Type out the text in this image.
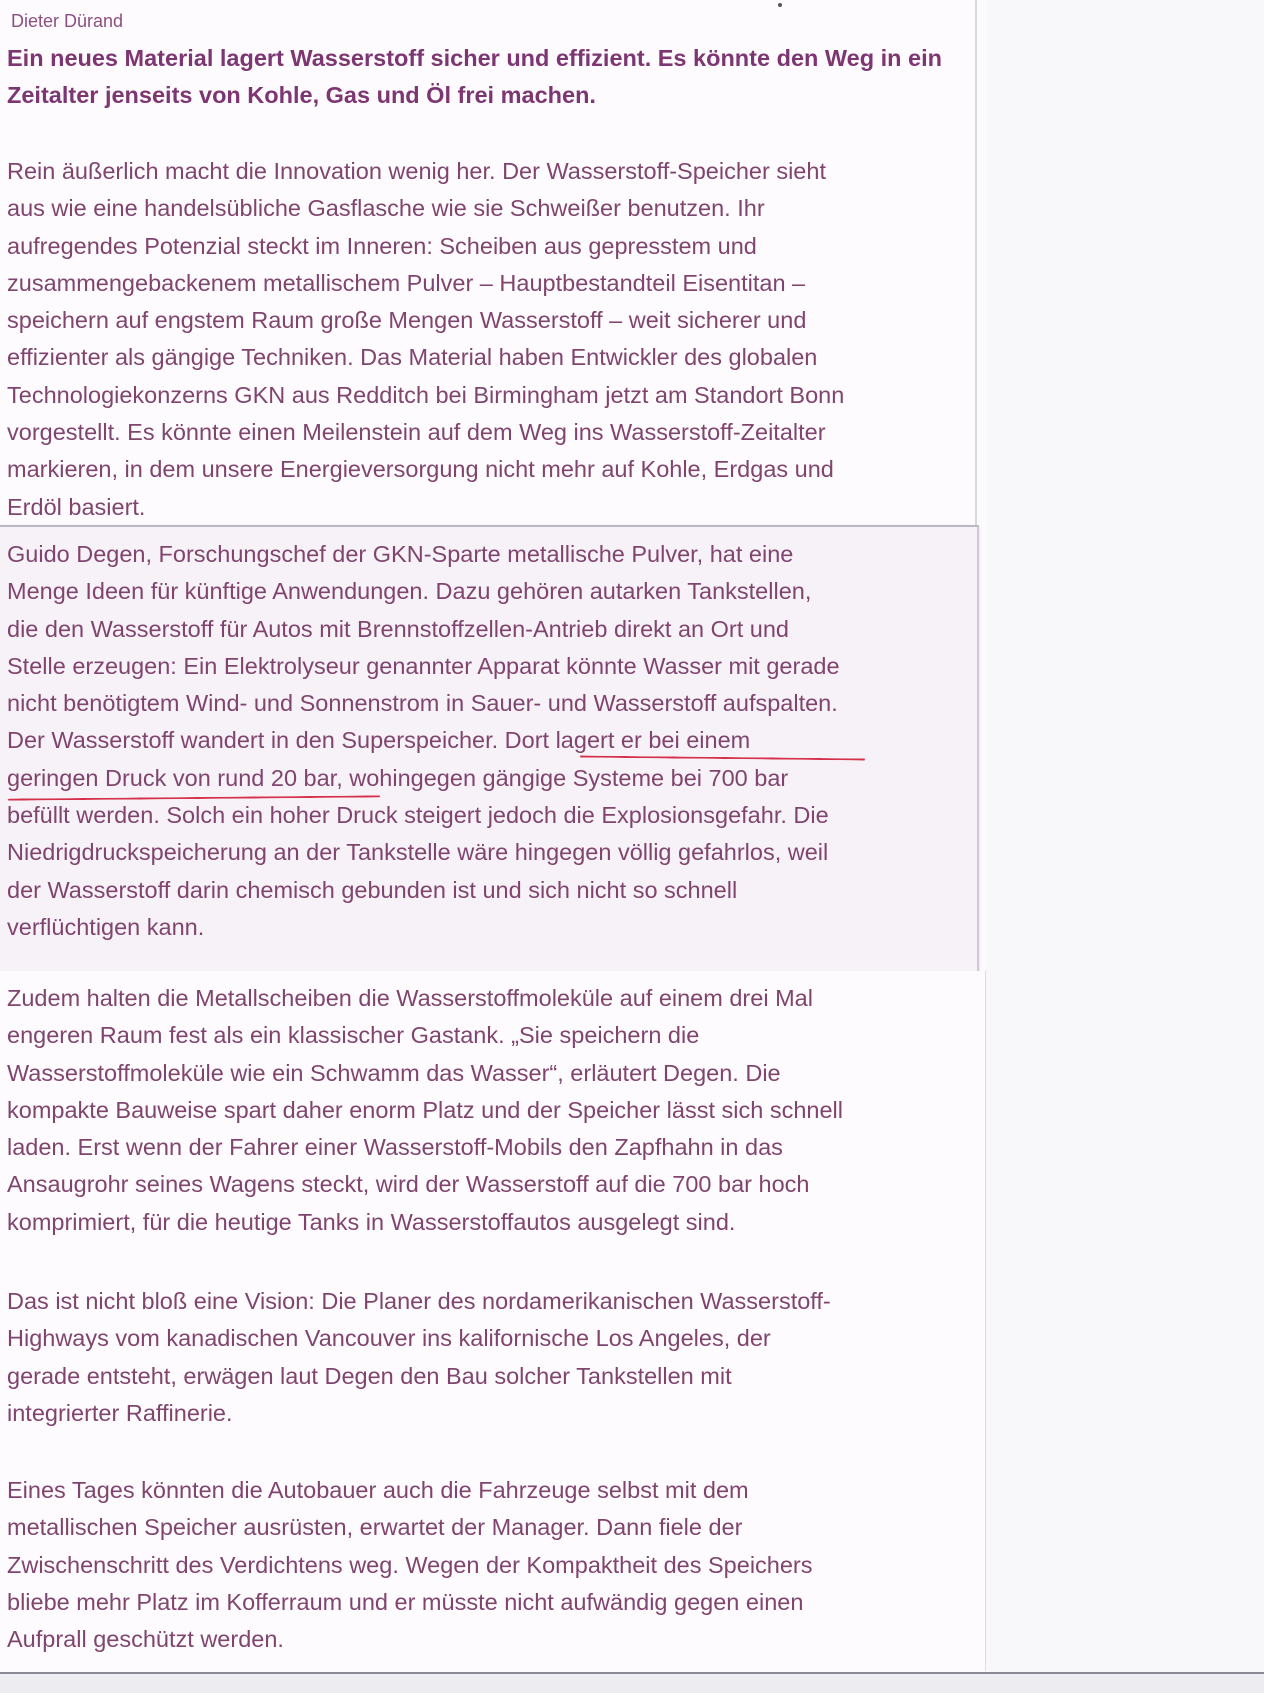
Dieter Dürand

Ein neues Material lagert Wasserstoff sicher und effizient. Es könnte den Weg in ein Zeitalter jenseits von Kohle, Gas und Öl frei machen.

Rein äußerlich macht die Innovation wenig her. Der Wasserstoff-Speicher sieht
aus wie eine handelsübliche Gasflasche wie sie Schweißer benutzen. Ihr
aufregendes Potenzial steckt im Inneren: Scheiben aus gepresstem und
zusammengebackenem metallischem Pulver – Hauptbestandteil Eisentitan –
speichern auf engstem Raum große Mengen Wasserstoff – weit sicherer und
effizienter als gängige Techniken. Das Material haben Entwickler des globalen
Technologiekonzerns GKN aus Redditch bei Birmingham jetzt am Standort Bonn
vorgestellt. Es könnte einen Meilenstein auf dem Weg ins Wasserstoff-Zeitalter
markieren, in dem unsere Energieversorgung nicht mehr auf Kohle, Erdgas und
Erdöl basiert.

Guido Degen, Forschungschef der GKN-Sparte metallische Pulver, hat eine
Menge Ideen für künftige Anwendungen. Dazu gehören autarken Tankstellen,
die den Wasserstoff für Autos mit Brennstoffzellen-Antrieb direkt an Ort und
Stelle erzeugen: Ein Elektrolyseur genannter Apparat könnte Wasser mit gerade
nicht benötigtem Wind- und Sonnenstrom in Sauer- und Wasserstoff aufspalten.
Der Wasserstoff wandert in den Superspeicher. Dort lagert er bei einem
geringen Druck von rund 20 bar, wohingegen gängige Systeme bei 700 bar
befüllt werden. Solch ein hoher Druck steigert jedoch die Explosionsgefahr. Die
Niedrigdruckspeicherung an der Tankstelle wäre hingegen völlig gefahrlos, weil
der Wasserstoff darin chemisch gebunden ist und sich nicht so schnell
verflüchtigen kann.

Zudem halten die Metallscheiben die Wasserstoffmoleküle auf einem drei Mal
engeren Raum fest als ein klassischer Gastank. „Sie speichern die
Wasserstoffmoleküle wie ein Schwamm das Wasser“, erläutert Degen. Die
kompakte Bauweise spart daher enorm Platz und der Speicher lässt sich schnell
laden. Erst wenn der Fahrer einer Wasserstoff-Mobils den Zapfhahn in das
Ansaugrohr seines Wagens steckt, wird der Wasserstoff auf die 700 bar hoch
komprimiert, für die heutige Tanks in Wasserstoffautos ausgelegt sind.

Das ist nicht bloß eine Vision: Die Planer des nordamerikanischen Wasserstoff-
Highways vom kanadischen Vancouver ins kalifornische Los Angeles, der
gerade entsteht, erwägen laut Degen den Bau solcher Tankstellen mit
integrierter Raffinerie.

Eines Tages könnten die Autobauer auch die Fahrzeuge selbst mit dem
metallischen Speicher ausrüsten, erwartet der Manager. Dann fiele der
Zwischenschritt des Verdichtens weg. Wegen der Kompaktheit des Speichers
bliebe mehr Platz im Kofferraum und er müsste nicht aufwändig gegen einen
Aufprall geschützt werden.
